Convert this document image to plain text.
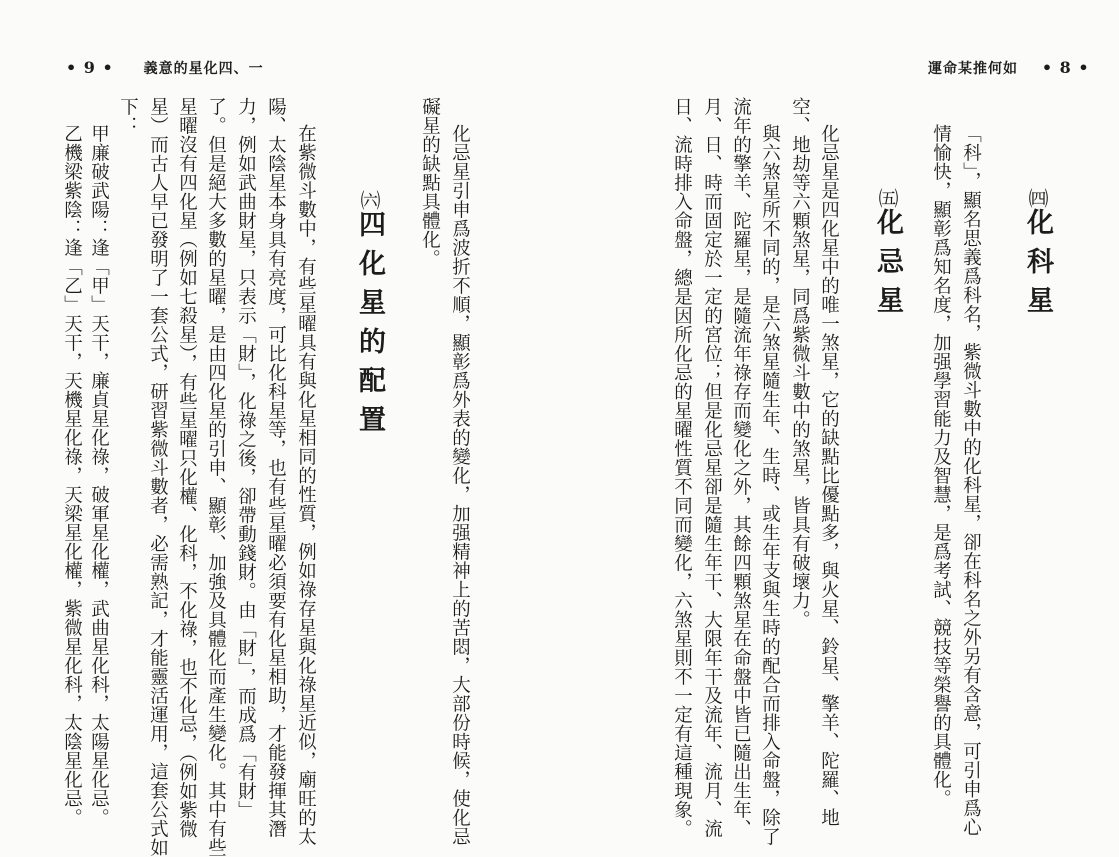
• 9 • 義意的星化四、一
乙機梁紫陰：逢「乙」天干，天機星化祿，天梁星化權，紫微星化科，太陰星化忌。 甲廉破武陽：逢「甲」天干，廉貞星化祿，破軍星化權，武曲星化科，太陽星化忌。
下： 星）而古人早已發明了一套公式，研習紫微斗數者，必需熟記，才能靈活運用，這套公式如 星曜沒有四化星（例如七殺星），有些星曜只化權、化科，不化祿，也不化忌，（例如紫微 了。但是絕大多數的星曜，是由四化星的引申、顯彰、加強及具體化而產生變化。其中有些 力，例如武曲財星，只表示「財」，化祿之後，卻帶動錢財。由「財」，而成爲「有財」 陽、太陰星本身具有亮度，可比化科星等，也有些星曜必須要有化星相助，才能發揮其潛 在紫微斗數中，有些星曜具有與化星相同的性質，例如祿存星與化祿星近似，廟旺的太	㈥四化星的配置
礙星的缺點具體化。 化忌星引申爲波折不順，顯彰爲外表的變化，加强精神上的苦悶，大部份時候，使化忌
運命某推何如 • 8 •
日、流時排入命盤，總是因所化忌的星曜性質不同而變化，六煞星則不一定有這種現象。 月、日、時而固定於一定的宮位；但是化忌星卻是隨生年干、大限年干及流年、流月、流 流年的擎羊、陀羅星，是隨流年祿存而變化之外，其餘四顆煞星在命盤中皆已隨出生年、 與六煞星所不同的，是六煞星隨生年、生時、或生年支與生時的配合而排入命盤，除了 空、地劫等六顆煞星，同爲紫微斗數中的煞星，皆具有破壞力。 化忌星是四化星中的唯一煞星，它的缺點比優點多，與火星、鈴星、擎羊、陀羅、地	㈤化忌星 情愉快，顯彰爲知名度，加强學習能力及智慧，是爲考試、競技等榮譽的具體化。 「科」，顯名思義爲科名，紫微斗數中的化科星，卻在科名之外另有含意，可引申爲心	㈣化科星
